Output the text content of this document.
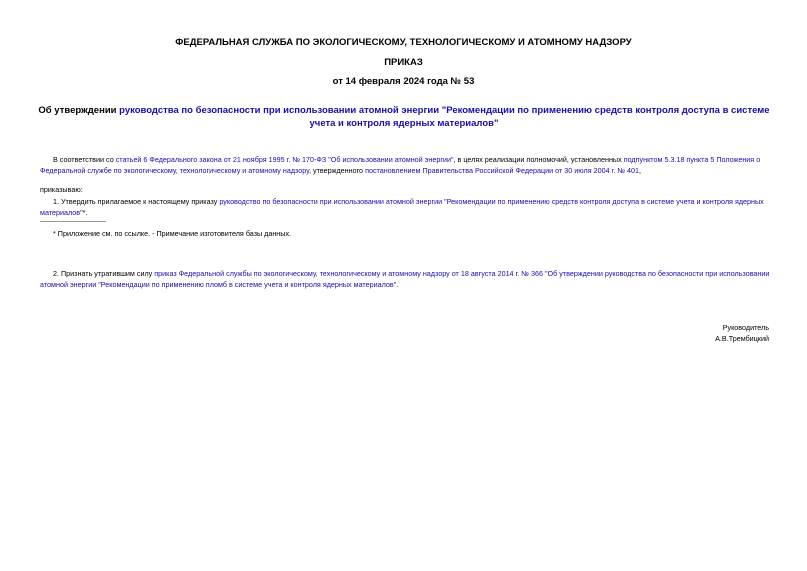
ФЕДЕРАЛЬНАЯ СЛУЖБА ПО ЭКОЛОГИЧЕСКОМУ, ТЕХНОЛОГИЧЕСКОМУ И АТОМНОМУ НАДЗОРУ
ПРИКАЗ
от 14 февраля 2024 года № 53
Об утверждении руководства по безопасности при использовании атомной энергии "Рекомендации по применению средств контроля доступа в системе учета и контроля ядерных материалов"
В соответствии со статьей 6 Федерального закона от 21 ноября 1995 г. № 170-ФЗ "Об использовании атомной энергии", в целях реализации полномочий, установленных подпунктом 5.3.18 пункта 5 Положения о Федеральной службе по экологическому, технологическому и атомному надзору, утвержденного постановлением Правительства Российской Федерации от 30 июля 2004 г. № 401,
приказываю:
1. Утвердить прилагаемое к настоящему приказу руководство по безопасности при использовании атомной энергии "Рекомендации по применению средств контроля доступа в системе учета и контроля ядерных материалов"*.
* Приложение см. по ссылке. - Примечание изготовителя базы данных.
2. Признать утратившим силу приказ Федеральной службы по экологическому, технологическому и атомному надзору от 18 августа 2014 г. № 366 "Об утверждении руководства по безопасности при использовании атомной энергии "Рекомендации по применению пломб в системе учета и контроля ядерных материалов".
Руководитель
А.В.Трембицкий
